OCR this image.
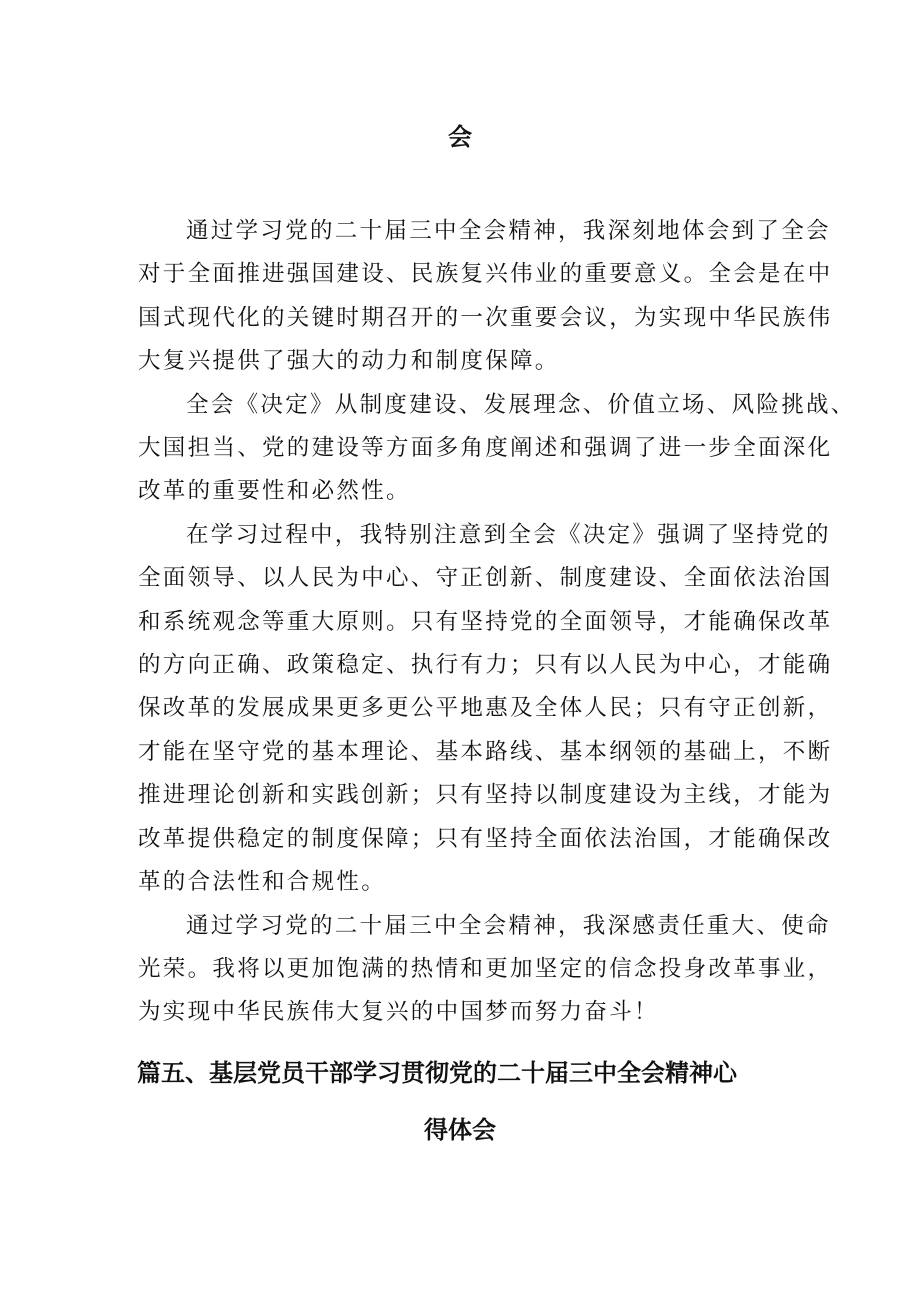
会

通过学习党的二十届三中全会精神，我深刻地体会到了全会
对于全面推进强国建设、民族复兴伟业的重要意义。全会是在中
国式现代化的关键时期召开的一次重要会议，为实现中华民族伟
大复兴提供了强大的动力和制度保障。

全会《决定》从制度建设、发展理念、价值立场、风险挑战、
大国担当、党的建设等方面多角度阐述和强调了进一步全面深化
改革的重要性和必然性。

在学习过程中，我特别注意到全会《决定》强调了坚持党的
全面领导、以人民为中心、守正创新、制度建设、全面依法治国
和系统观念等重大原则。只有坚持党的全面领导，才能确保改革
的方向正确、政策稳定、执行有力；只有以人民为中心，才能确
保改革的发展成果更多更公平地惠及全体人民；只有守正创新，
才能在坚守党的基本理论、基本路线、基本纲领的基础上，不断
推进理论创新和实践创新；只有坚持以制度建设为主线，才能为
改革提供稳定的制度保障；只有坚持全面依法治国，才能确保改
革的合法性和合规性。

通过学习党的二十届三中全会精神，我深感责任重大、使命
光荣。我将以更加饱满的热情和更加坚定的信念投身改革事业，
为实现中华民族伟大复兴的中国梦而努力奋斗！

篇五、基层党员干部学习贯彻党的二十届三中全会精神心
得体会
